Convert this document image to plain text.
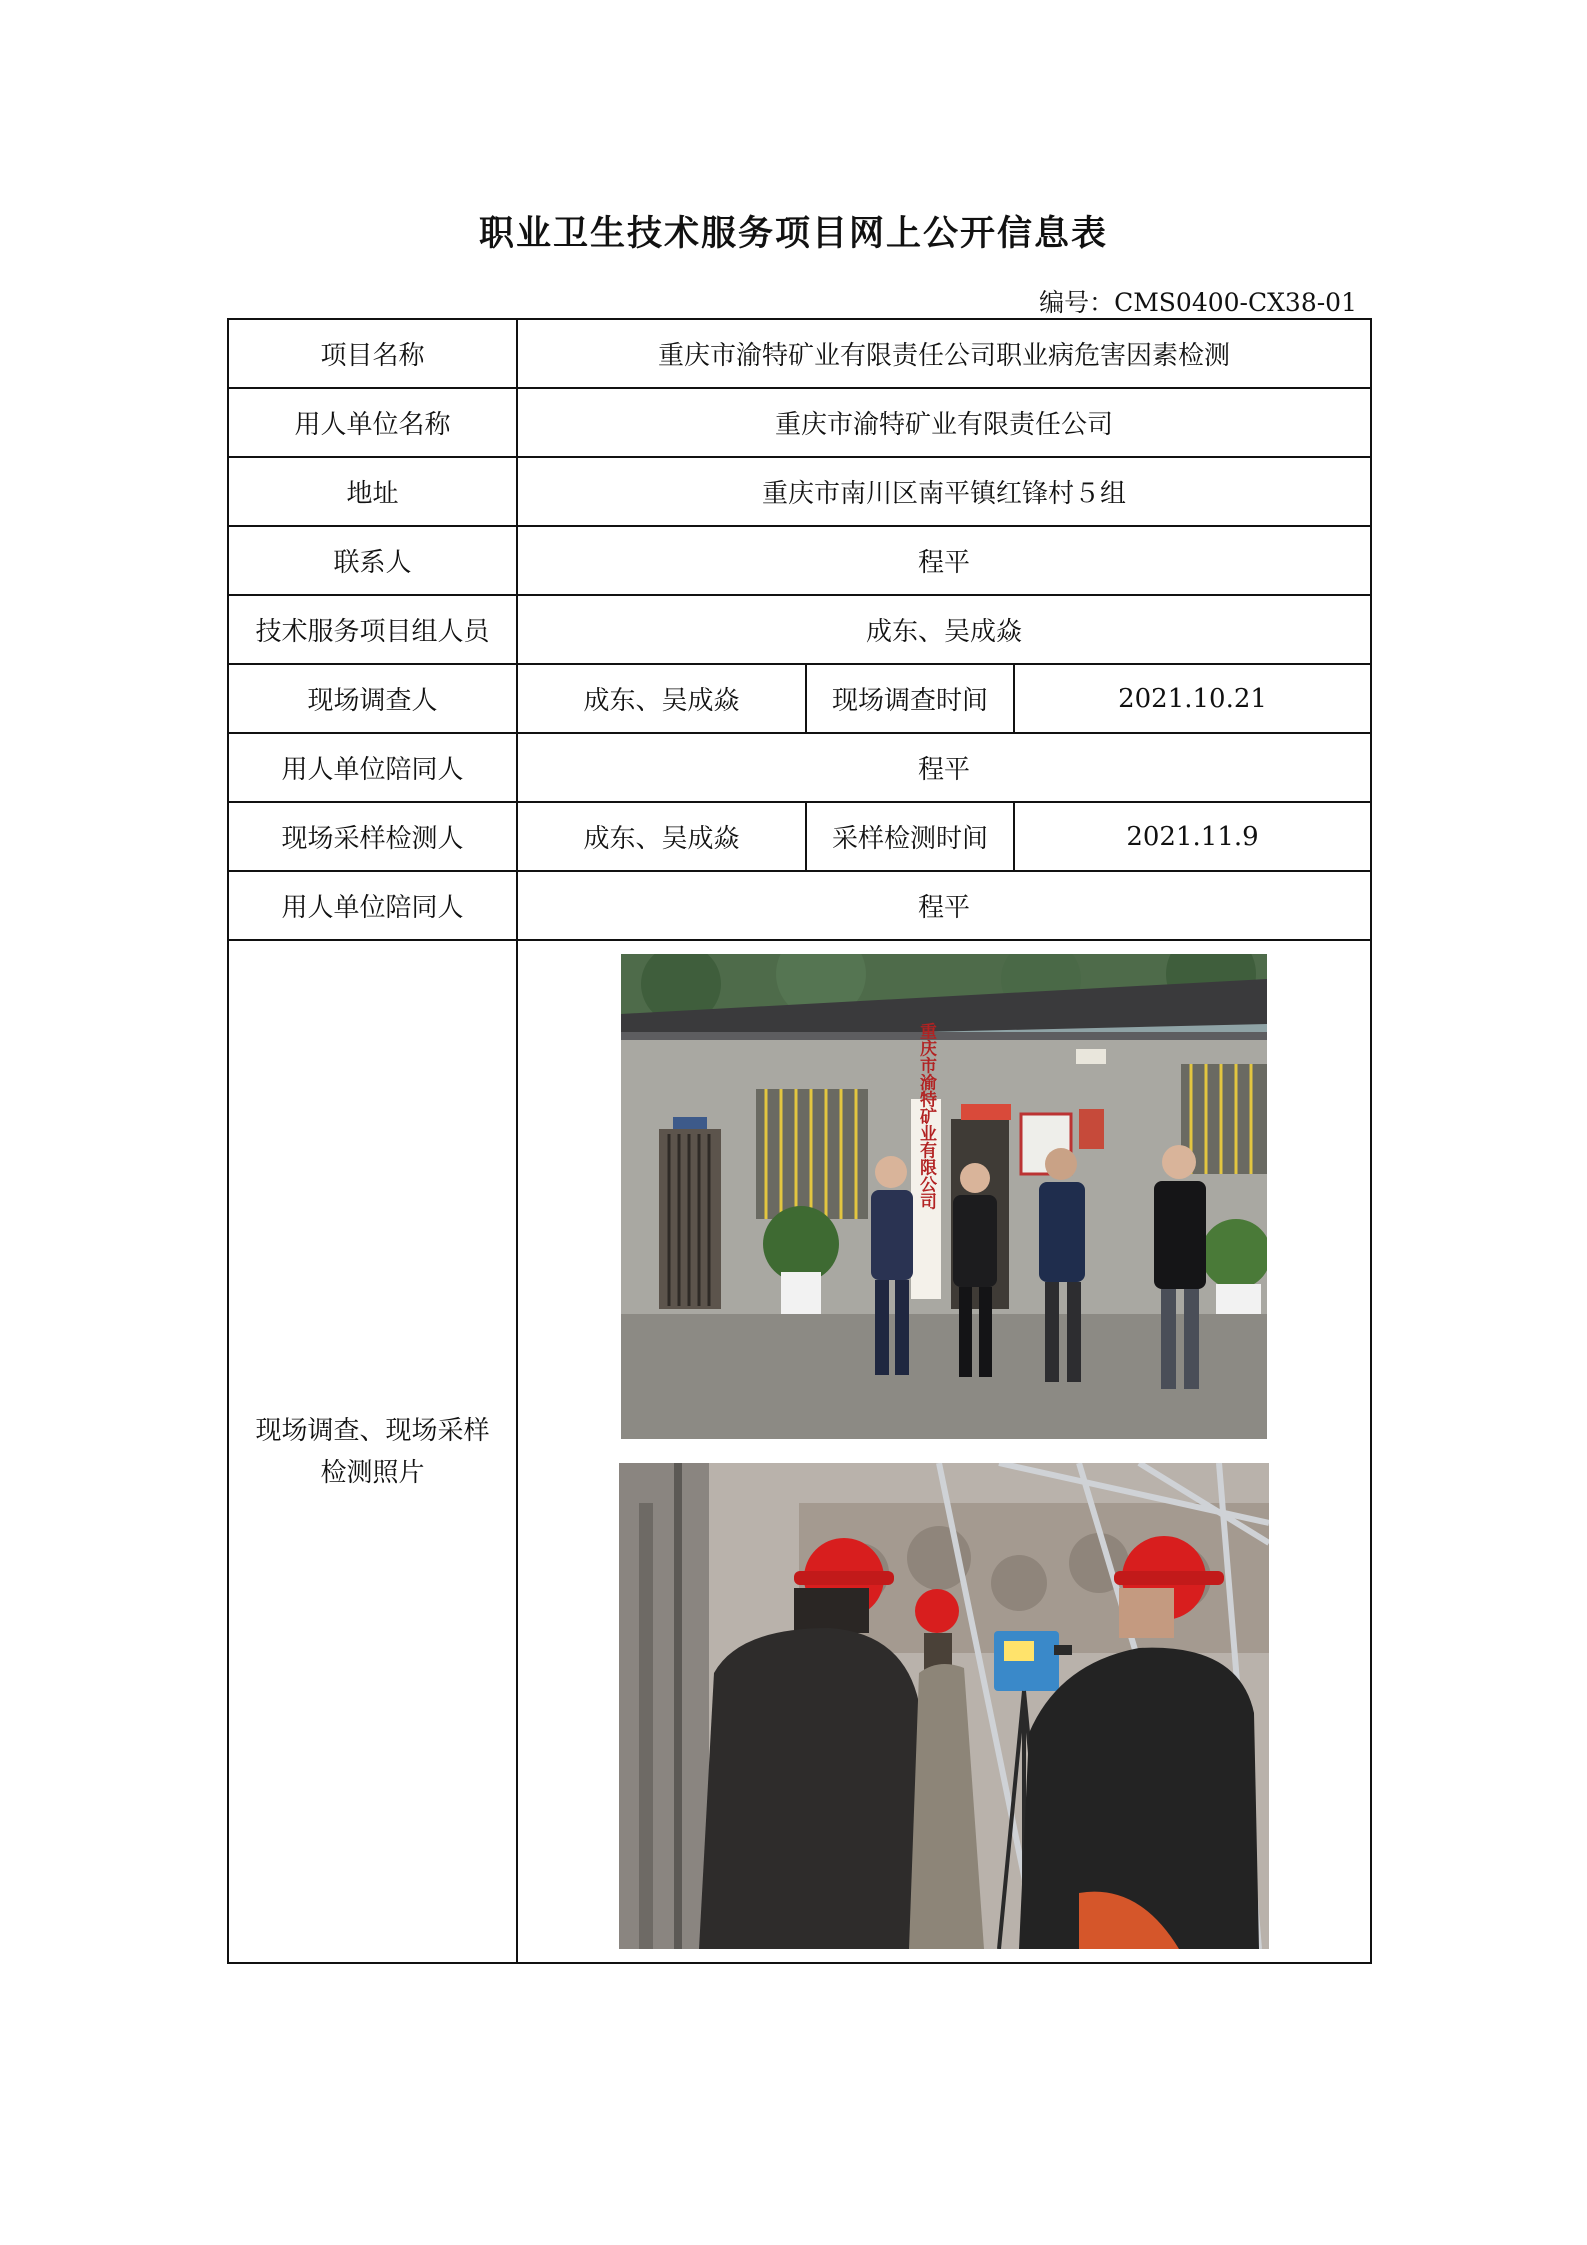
职业卫生技术服务项目网上公开信息表
编号：CMS0400-CX38-01
项目名称	重庆市渝特矿业有限责任公司职业病危害因素检测		
用人单位名称	重庆市渝特矿业有限责任公司		
地址	重庆市南川区南平镇红锋村５组		
联系人	程平		
技术服务项目组人员	成东、吴成焱		
现场调查人	成东、吴成焱	现场调查时间	2021.10.21
用人单位陪同人	程平		
现场采样检测人	成东、吴成焱	采样检测时间	2021.11.9
用人单位陪同人	程平		

现场调查、现场采样
检测照片	重庆市渝特矿业有限公司		
